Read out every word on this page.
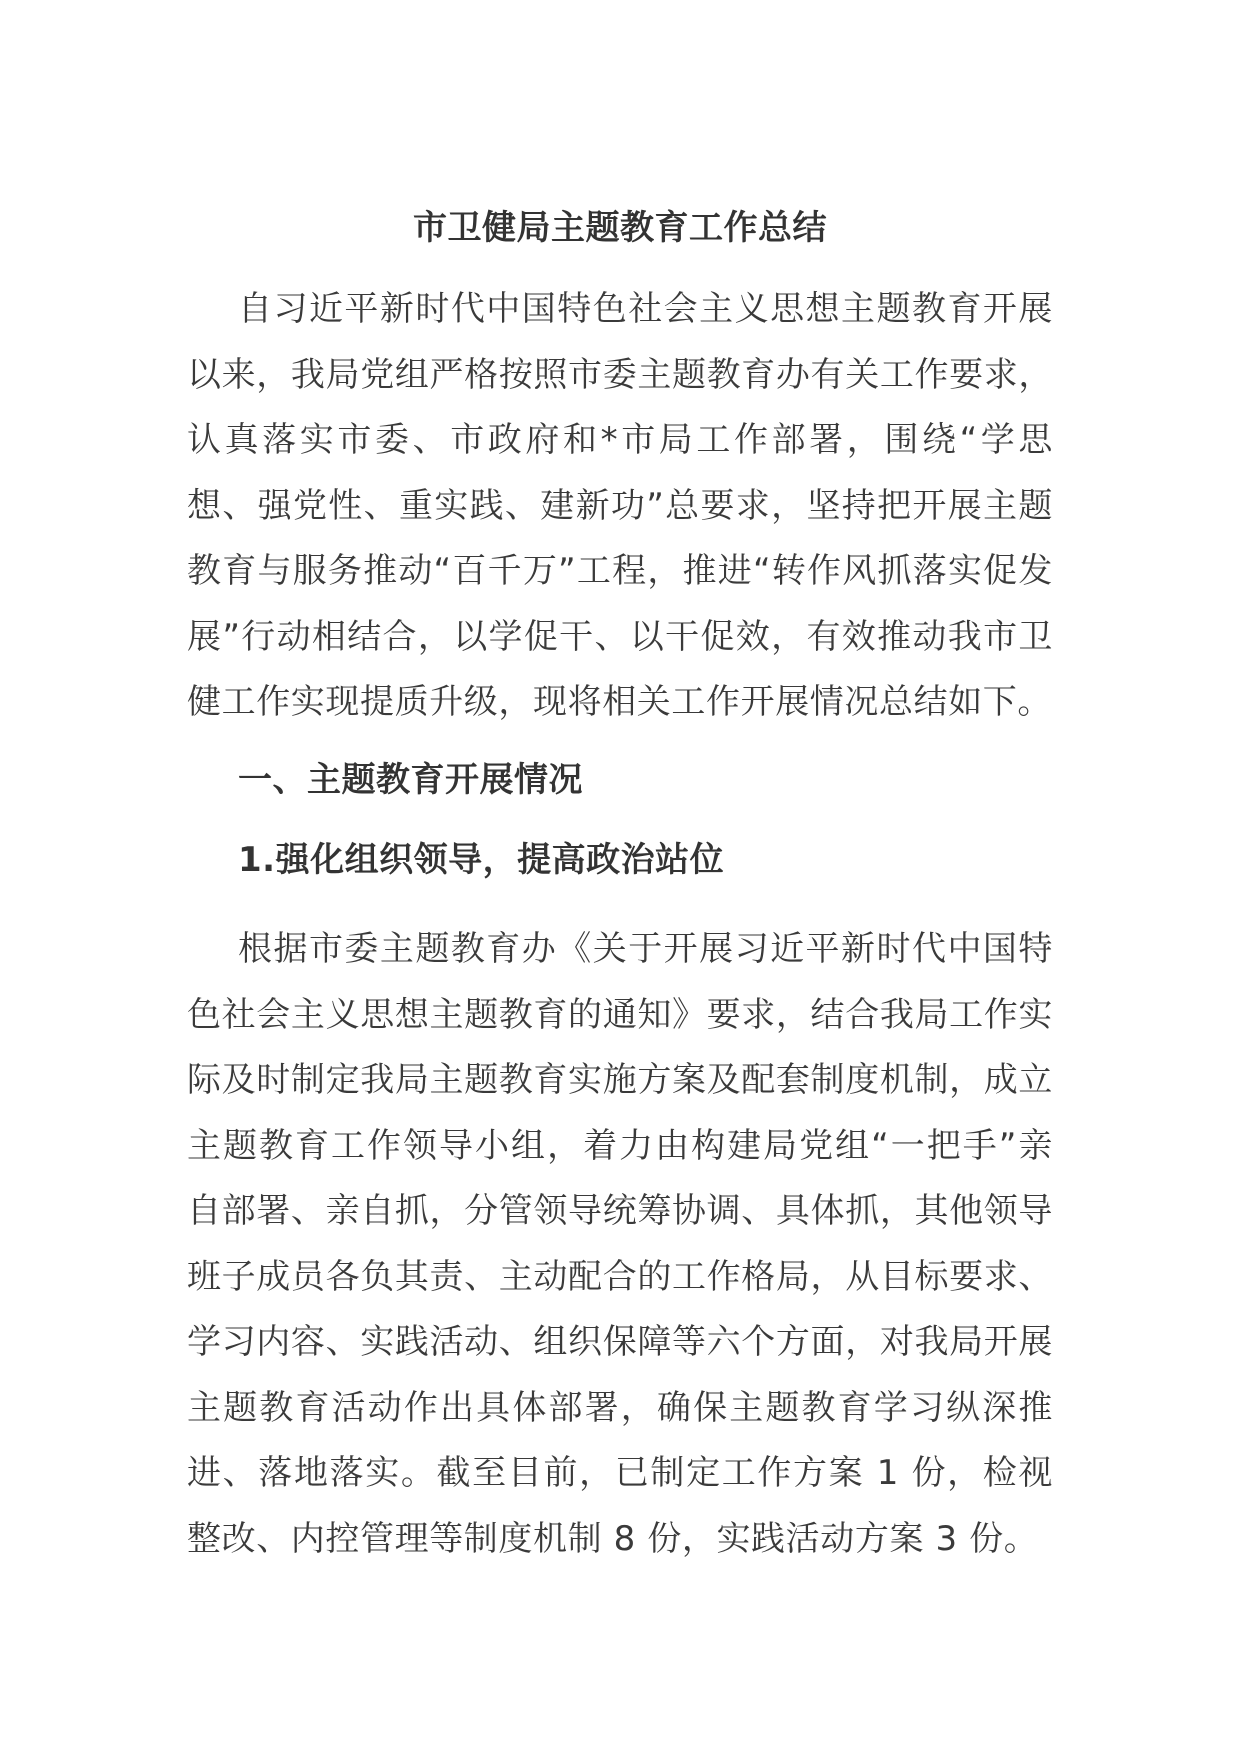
市卫健局主题教育工作总结

自习近平新时代中国特色社会主义思想主题教育开展以来，我局党组严格按照市委主题教育办有关工作要求，认真落实市委、市政府和*市局工作部署，围绕“学思想、强党性、重实践、建新功”总要求，坚持把开展主题教育与服务推动“百千万”工程，推进“转作风抓落实促发展”行动相结合，以学促干、以干促效，有效推动我市卫健工作实现提质升级，现将相关工作开展情况总结如下。

一、主题教育开展情况
1.强化组织领导，提高政治站位

根据市委主题教育办《关于开展习近平新时代中国特色社会主义思想主题教育的通知》要求，结合我局工作实际及时制定我局主题教育实施方案及配套制度机制，成立主题教育工作领导小组，着力由构建局党组“一把手”亲自部署、亲自抓，分管领导统筹协调、具体抓，其他领导班子成员各负其责、主动配合的工作格局，从目标要求、学习内容、实践活动、组织保障等六个方面，对我局开展主题教育活动作出具体部署，确保主题教育学习纵深推进、落地落实。截至目前，已制定工作方案 1 份，检视整改、内控管理等制度机制 8 份，实践活动方案 3 份。
